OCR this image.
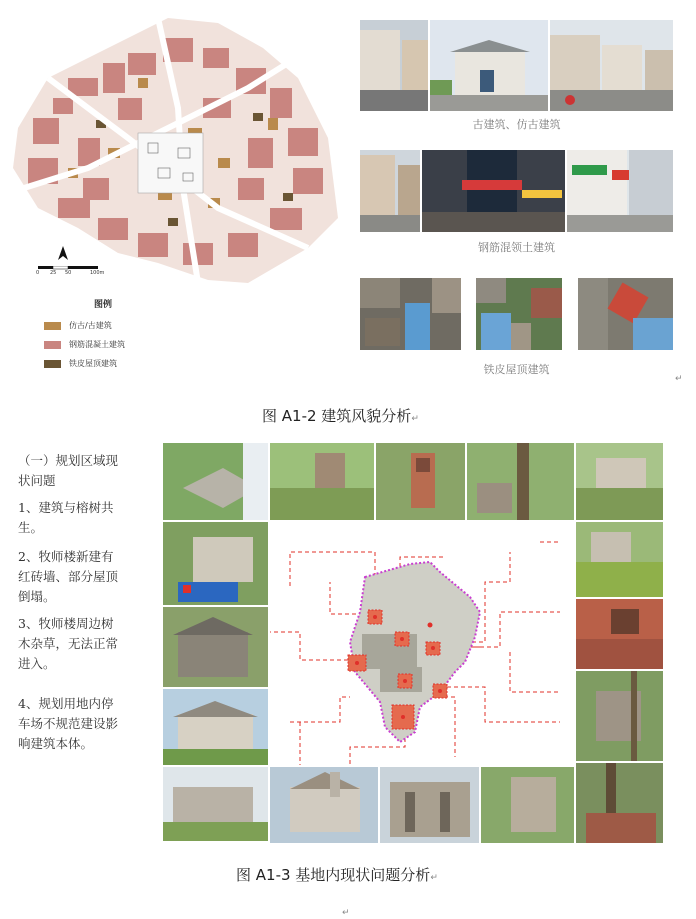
0 25 50	100m
图例
仿古/古建筑
钢筋混凝土建筑
铁皮屋顶建筑
古建筑、仿古建筑
钢筋混领土建筑
铁皮屋顶建筑
↵
图 A1-2 建筑风貌分析↵
（一）规划区域现状问题
1、建筑与榕树共生。
2、牧师楼新建有红砖墙、部分屋顶倒塌。
3、牧师楼周边树木杂草，无法正常进入。
4、规划用地内停车场不规范建设影响建筑本体。
图 A1-3 基地内现状问题分析↵
↵
